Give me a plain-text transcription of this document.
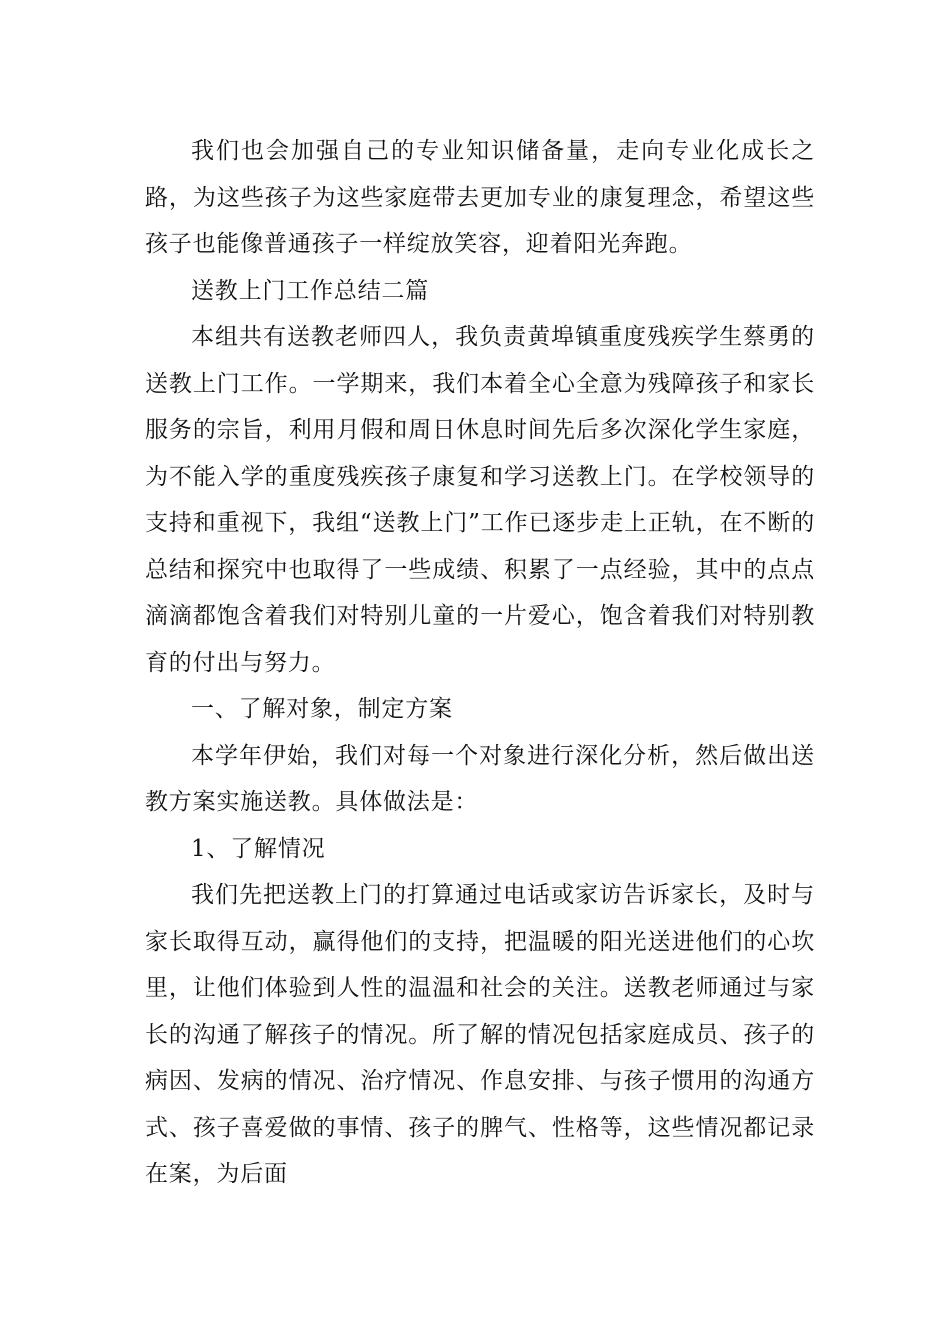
我们也会加强自己的专业知识储备量，走向专业化成长之路，为这些孩子为这些家庭带去更加专业的康复理念，希望这些孩子也能像普通孩子一样绽放笑容，迎着阳光奔跑。

送教上门工作总结二篇

本组共有送教老师四人，我负责黄埠镇重度残疾学生蔡勇的送教上门工作。一学期来，我们本着全心全意为残障孩子和家长服务的宗旨，利用月假和周日休息时间先后多次深化学生家庭，为不能入学的重度残疾孩子康复和学习送教上门。在学校领导的支持和重视下，我组“送教上门”工作已逐步走上正轨，在不断的总结和探究中也取得了一些成绩、积累了一点经验，其中的点点滴滴都饱含着我们对特别儿童的一片爱心，饱含着我们对特别教育的付出与努力。

一、了解对象，制定方案

本学年伊始，我们对每一个对象进行深化分析，然后做出送教方案实施送教。具体做法是：

1、了解情况

我们先把送教上门的打算通过电话或家访告诉家长，及时与家长取得互动，赢得他们的支持，把温暖的阳光送进他们的心坎里，让他们体验到人性的温温和社会的关注。送教老师通过与家长的沟通了解孩子的情况。所了解的情况包括家庭成员、孩子的病因、发病的情况、治疗情况、作息安排、与孩子惯用的沟通方式、孩子喜爱做的事情、孩子的脾气、性格等，这些情况都记录在案，为后面
